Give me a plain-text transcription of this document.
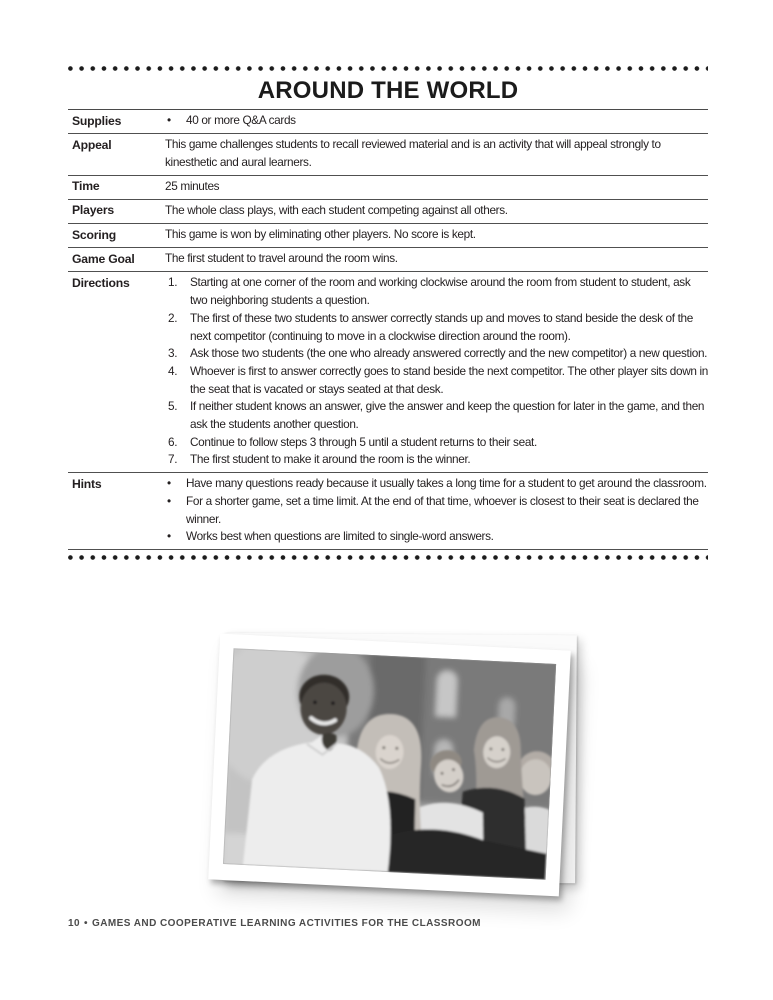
AROUND THE WORLD
Supplies	•	40 or more Q&A cards
Appeal	This game challenges students to recall reviewed material and is an activity that will appeal strongly to kinesthetic and aural learners.
Time	25 minutes
Players	The whole class plays, with each student competing against all others.
Scoring	This game is won by eliminating other players. No score is kept.
Game Goal	The first student to travel around the room wins.
Directions	1.	Starting at one corner of the room and working clockwise around the room from student to student, ask two neighboring students a question.
2.	The first of these two students to answer correctly stands up and moves to stand beside the desk of the next competitor (continuing to move in a clockwise direction around the room).
3.	Ask those two students (the one who already answered correctly and the new competitor) a new question.
4.	Whoever is first to answer correctly goes to stand beside the next competitor. The other player sits down in the seat that is vacated or stays seated at that desk.
5.	If neither student knows an answer, give the answer and keep the question for later in the game, and then ask the students another question.
6.	Continue to follow steps 3 through 5 until a student returns to their seat.
7.	The first student to make it around the room is the winner.
Hints	•	Have many questions ready because it usually takes a long time for a student to get around the classroom.
•	For a shorter game, set a time limit. At the end of that time, whoever is closest to their seat is declared the winner.
•	Works best when questions are limited to single-word answers.
10 • GAMES AND COOPERATIVE LEARNING ACTIVITIES FOR THE CLASSROOM
